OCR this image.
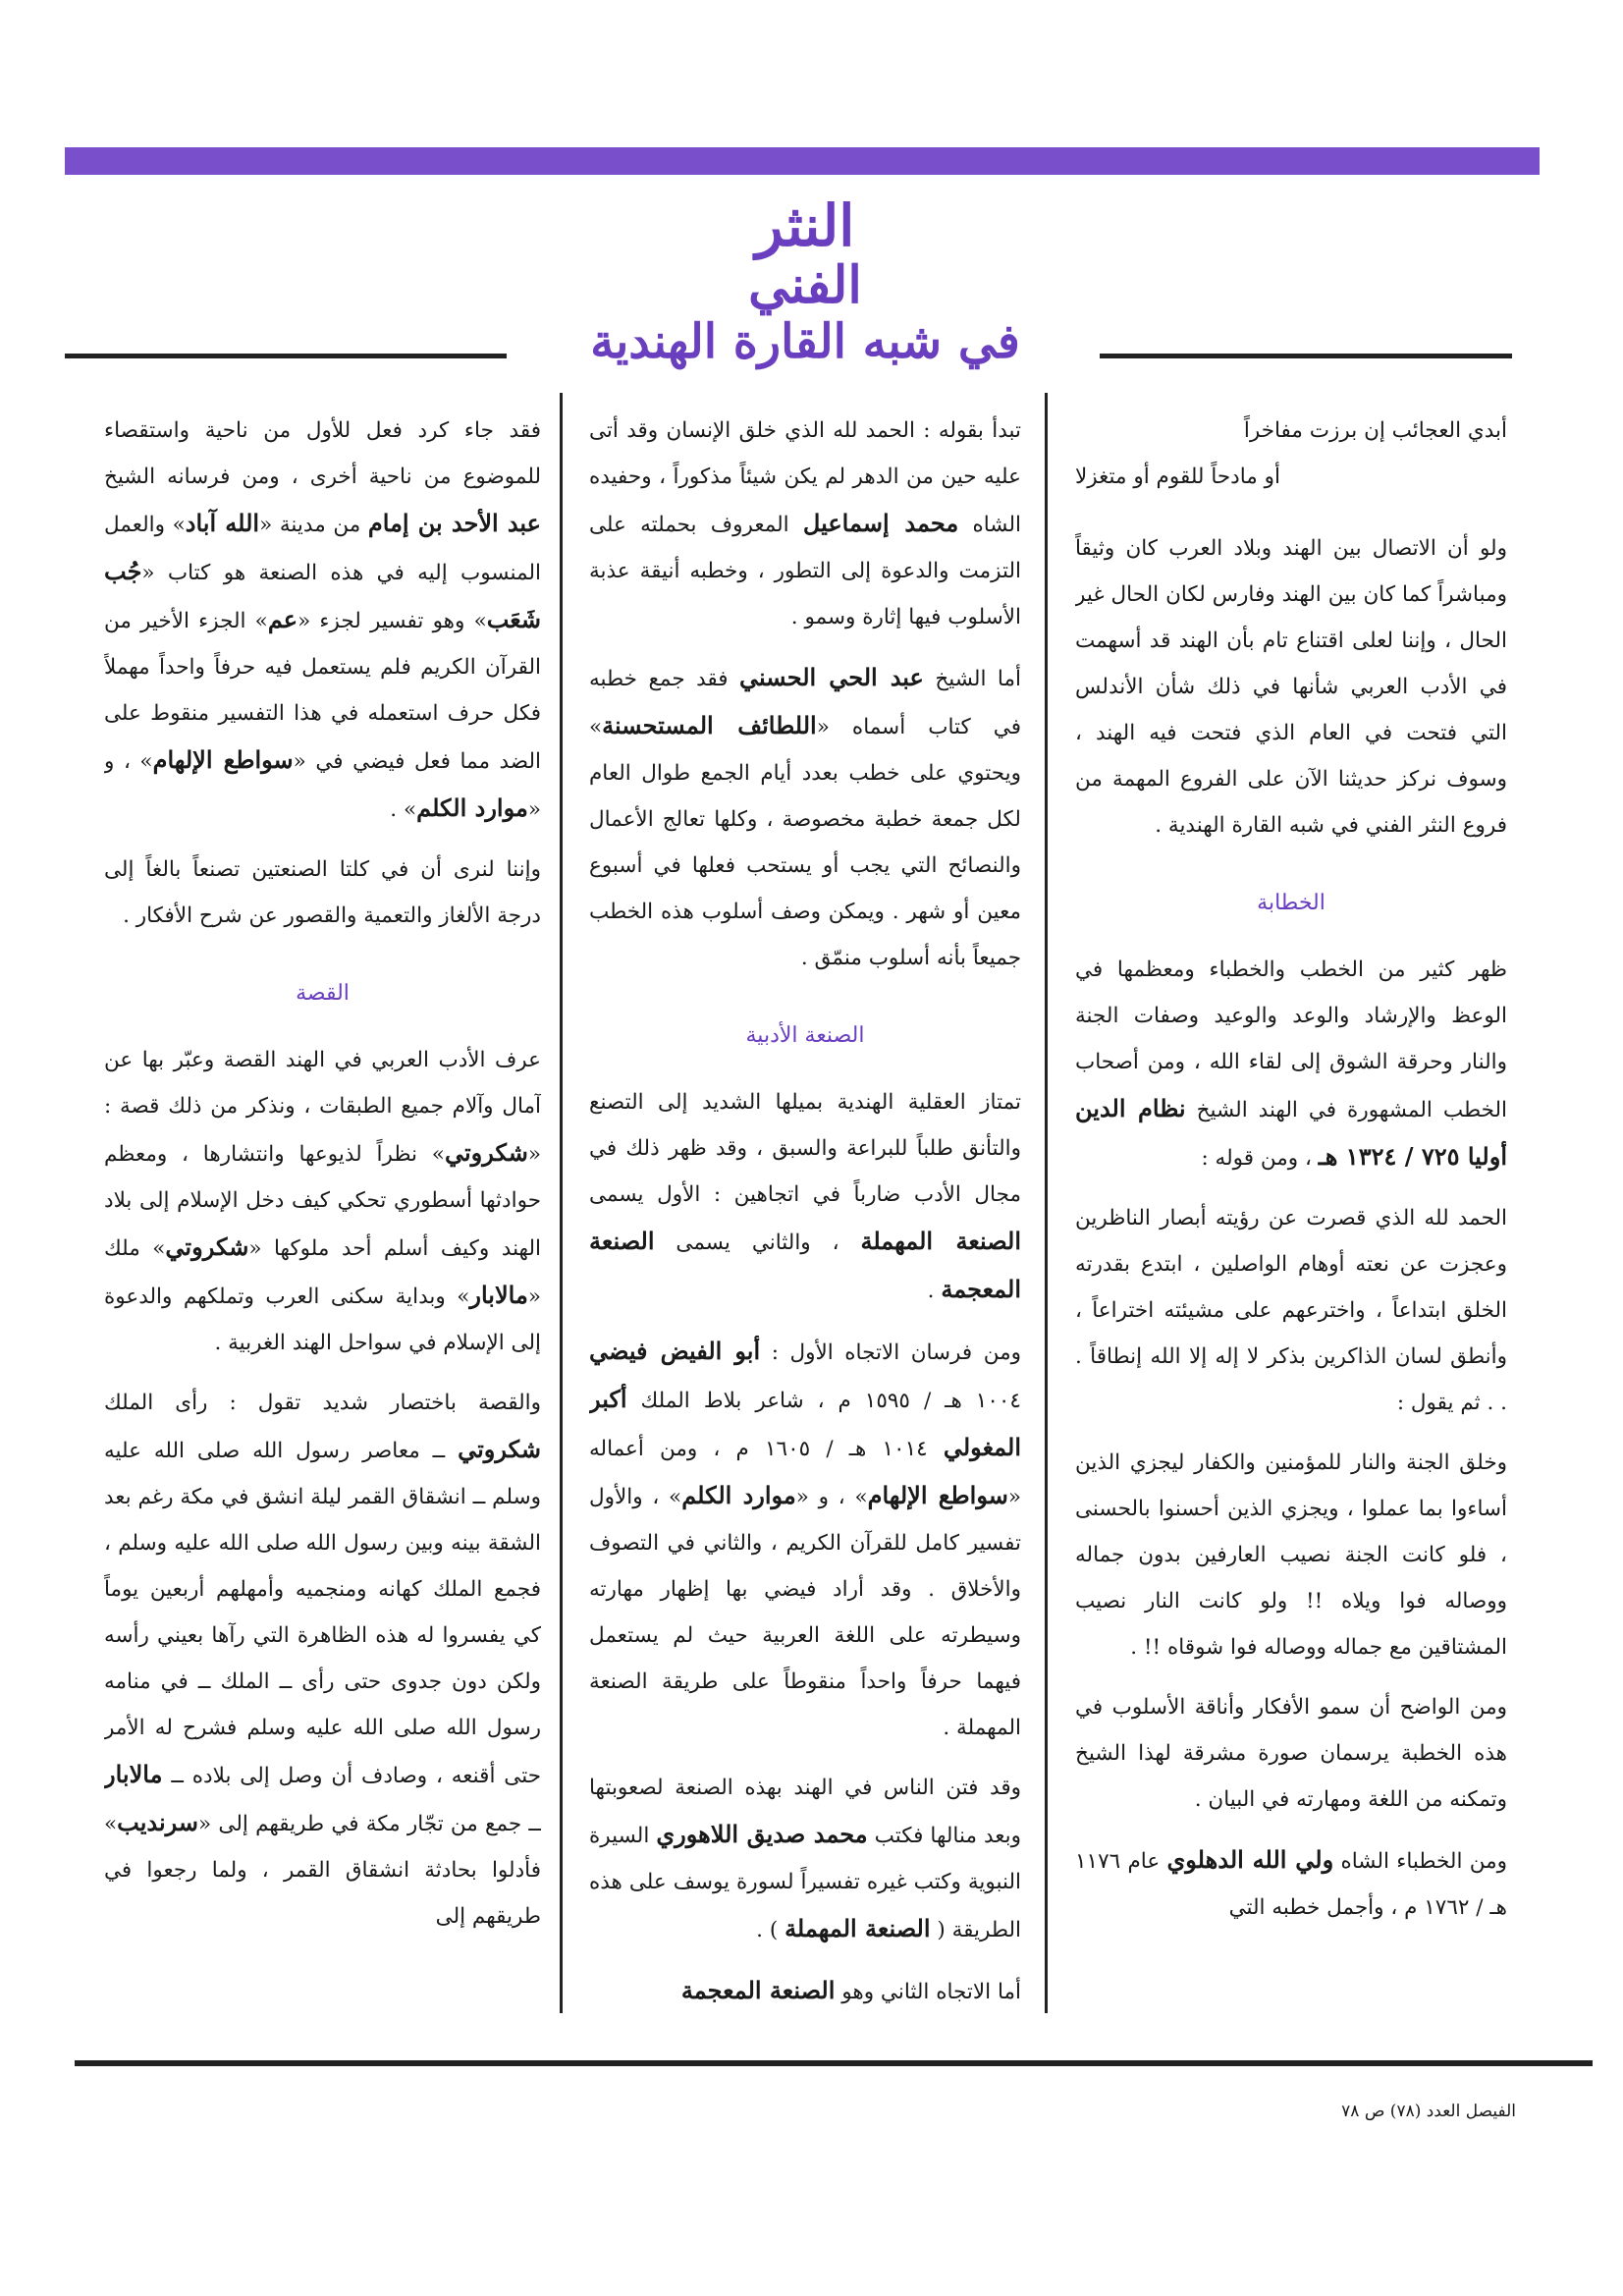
النثر
الفني
في شبه القارة الهندية

أبدي العجائب إن برزت مفاخراً

أو مادحاً للقوم أو متغزلا

ولو أن الاتصال بين الهند وبلاد العرب كان وثيقاً ومباشراً كما كان بين الهند وفارس لكان الحال غير الحال ، وإننا لعلى اقتناع تام بأن الهند قد أسهمت في الأدب العربي شأنها في ذلك شأن الأندلس التي فتحت في العام الذي فتحت فيه الهند ، وسوف نركز حديثنا الآن على الفروع المهمة من فروع النثر الفني في شبه القارة الهندية .

الخطابة

ظهر كثير من الخطب والخطباء ومعظمها في الوعظ والإرشاد والوعد والوعيد وصفات الجنة والنار وحرقة الشوق إلى لقاء الله ، ومن أصحاب الخطب المشهورة في الهند الشيخ نظام الدين أوليا ٧٢٥ / ١٣٢٤ هـ ، ومن قوله :

الحمد لله الذي قصرت عن رؤيته أبصار الناظرين وعجزت عن نعته أوهام الواصلين ، ابتدع بقدرته الخلق ابتداعاً ، واخترعهم على مشيئته اختراعاً ، وأنطق لسان الذاكرين بذكر لا إله إلا الله إنطاقاً . . . ثم يقول :

وخلق الجنة والنار للمؤمنين والكفار ليجزي الذين أساءوا بما عملوا ، ويجزي الذين أحسنوا بالحسنى ، فلو كانت الجنة نصيب العارفين بدون جماله ووصاله فوا ويلاه !! ولو كانت النار نصيب المشتاقين مع جماله ووصاله فوا شوقاه !! .

ومن الواضح أن سمو الأفكار وأناقة الأسلوب في هذه الخطبة يرسمان صورة مشرقة لهذا الشيخ وتمكنه من اللغة ومهارته في البيان .

ومن الخطباء الشاه ولي الله الدهلوي عام ١١٧٦ هـ / ١٧٦٢ م ، وأجمل خطبه التي

تبدأ بقوله : الحمد لله الذي خلق الإنسان وقد أتى عليه حين من الدهر لم يكن شيئاً مذكوراً ، وحفيده الشاه محمد إسماعيل المعروف بحملته على التزمت والدعوة إلى التطور ، وخطبه أنيقة عذبة الأسلوب فيها إثارة وسمو .

أما الشيخ عبد الحي الحسني فقد جمع خطبه في كتاب أسماه «اللطائف المستحسنة» ويحتوي على خطب بعدد أيام الجمع طوال العام لكل جمعة خطبة مخصوصة ، وكلها تعالج الأعمال والنصائح التي يجب أو يستحب فعلها في أسبوع معين أو شهر . ويمكن وصف أسلوب هذه الخطب جميعاً بأنه أسلوب منمّق .

الصنعة الأدبية

تمتاز العقلية الهندية بميلها الشديد إلى التصنع والتأنق طلباً للبراعة والسبق ، وقد ظهر ذلك في مجال الأدب ضارباً في اتجاهين : الأول يسمى الصنعة المهملة ، والثاني يسمى الصنعة المعجمة .

ومن فرسان الاتجاه الأول : أبو الفيض فيضي ١٠٠٤ هـ / ١٥٩٥ م ، شاعر بلاط الملك أكبر المغولي ١٠١٤ هـ / ١٦٠٥ م ، ومن أعماله «سواطع الإلهام» ، و «موارد الكلم» ، والأول تفسير كامل للقرآن الكريم ، والثاني في التصوف والأخلاق . وقد أراد فيضي بها إظهار مهارته وسيطرته على اللغة العربية حيث لم يستعمل فيهما حرفاً واحداً منقوطاً على طريقة الصنعة المهملة .

وقد فتن الناس في الهند بهذه الصنعة لصعوبتها وبعد منالها فكتب محمد صديق اللاهوري السيرة النبوية وكتب غيره تفسيراً لسورة يوسف على هذه الطريقة ( الصنعة المهملة ) .

أما الاتجاه الثاني وهو الصنعة المعجمة

فقد جاء كرد فعل للأول من ناحية واستقصاء للموضوع من ناحية أخرى ، ومن فرسانه الشيخ عبد الأحد بن إمام من مدينة «الله آباد» والعمل المنسوب إليه في هذه الصنعة هو كتاب «جُب شَعَب» وهو تفسير لجزء «عم» الجزء الأخير من القرآن الكريم فلم يستعمل فيه حرفاً واحداً مهملاً فكل حرف استعمله في هذا التفسير منقوط على الضد مما فعل فيضي في «سواطع الإلهام» ، و «موارد الكلم» .

وإننا لنرى أن في كلتا الصنعتين تصنعاً بالغاً إلى درجة الألغاز والتعمية والقصور عن شرح الأفكار .

القصة

عرف الأدب العربي في الهند القصة وعبّر بها عن آمال وآلام جميع الطبقات ، ونذكر من ذلك قصة : «شكروتي» نظراً لذيوعها وانتشارها ، ومعظم حوادثها أسطوري تحكي كيف دخل الإسلام إلى بلاد الهند وكيف أسلم أحد ملوكها «شكروتي» ملك «مالابار» وبداية سكنى العرب وتملكهم والدعوة إلى الإسلام في سواحل الهند الغربية .

والقصة باختصار شديد تقول : رأى الملك شكروتي ــ معاصر رسول الله صلى الله عليه وسلم ــ انشقاق القمر ليلة انشق في مكة رغم بعد الشقة بينه وبين رسول الله صلى الله عليه وسلم ، فجمع الملك كهانه ومنجميه وأمهلهم أربعين يوماً كي يفسروا له هذه الظاهرة التي رآها بعيني رأسه ولكن دون جدوى حتى رأى ــ الملك ــ في منامه رسول الله صلى الله عليه وسلم فشرح له الأمر حتى أقنعه ، وصادف أن وصل إلى بلاده ــ مالابار ــ جمع من تجّار مكة في طريقهم إلى «سرنديب» فأدلوا بحادثة انشقاق القمر ، ولما رجعوا في طريقهم إلى

الفيصل العدد (٧٨) ص ٧٨
